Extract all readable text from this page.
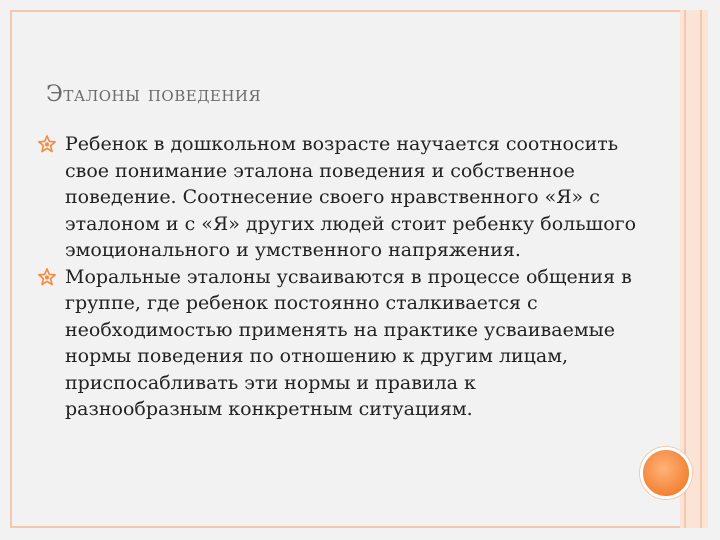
Эталоны поведения
Ребенок в дошкольном возрасте научается соотносить свое понимание эталона поведения и собственное поведение. Соотнесение своего нравственного «Я» с эталоном и с «Я» других людей стоит ребенку большого эмоционального и умственного напряжения.
Моральные эталоны усваиваются в процессе общения в группе, где ребенок постоянно сталкивается с необходимостью применять на практике усваиваемые нормы поведения по отношению к другим лицам, приспосабливать эти нормы и правила к разнообразным конкретным ситуациям.
